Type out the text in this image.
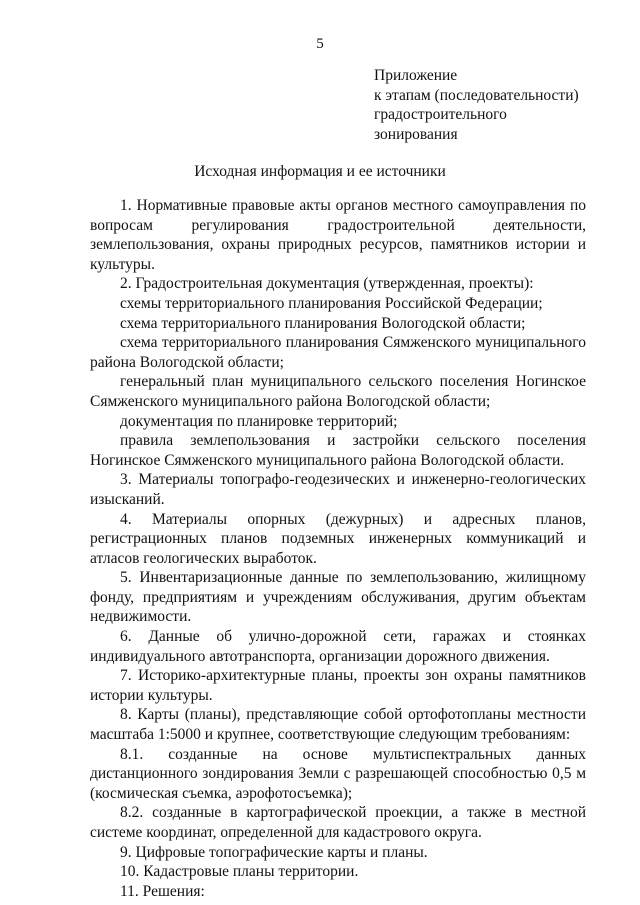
5
Приложение
к этапам (последовательности)
градостроительного
зонирования
Исходная информация и ее источники

1. Нормативные правовые акты органов местного самоуправления по вопросам регулирования градостроительной деятельности, землепользования, охраны природных ресурсов, памятников истории и культуры.

2. Градостроительная документация (утвержденная, проекты):

схемы территориального планирования Российской Федерации;

схема территориального планирования Вологодской области;

схема территориального планирования Сямженского муниципального района Вологодской области;

генеральный план муниципального сельского поселения Ногинское Сямженского муниципального района Вологодской области;

документация по планировке территорий;

правила землепользования и застройки сельского поселения Ногинское Сямженского муниципального района Вологодской области.

3. Материалы топографо-геодезических и инженерно-геологических изысканий.

4. Материалы опорных (дежурных) и адресных планов, регистрационных планов подземных инженерных коммуникаций и атласов геологических выработок.

5. Инвентаризационные данные по землепользованию, жилищному фонду, предприятиям и учреждениям обслуживания, другим объектам недвижимости.

6. Данные об улично-дорожной сети, гаражах и стоянках индивидуального автотранспорта, организации дорожного движения.

7. Историко-архитектурные планы, проекты зон охраны памятников истории культуры.

8. Карты (планы), представляющие собой ортофотопланы местности масштаба 1:5000 и крупнее, соответствующие следующим требованиям:

8.1. созданные на основе мультиспектральных данных дистанционного зондирования Земли с разрешающей способностью 0,5 м (космическая съемка, аэрофотосъемка);

8.2. созданные в картографической проекции, а также в местной системе координат, определенной для кадастрового округа.

9. Цифровые топографические карты и планы.

10. Кадастровые планы территории.

11. Решения:
